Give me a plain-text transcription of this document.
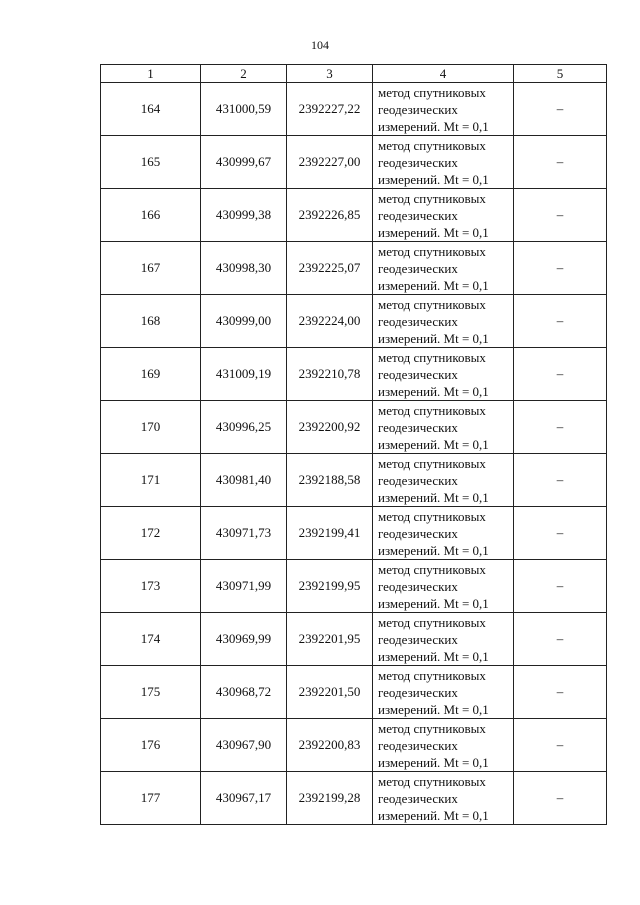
104
1	2	3	4	5
164	431000,59	2392227,22	метод спутниковых
геодезических
измерений. Mt = 0,1	–
165	430999,67	2392227,00	метод спутниковых
геодезических
измерений. Mt = 0,1	–
166	430999,38	2392226,85	метод спутниковых
геодезических
измерений. Mt = 0,1	–
167	430998,30	2392225,07	метод спутниковых
геодезических
измерений. Mt = 0,1	–
168	430999,00	2392224,00	метод спутниковых
геодезических
измерений. Mt = 0,1	–
169	431009,19	2392210,78	метод спутниковых
геодезических
измерений. Mt = 0,1	–
170	430996,25	2392200,92	метод спутниковых
геодезических
измерений. Mt = 0,1	–
171	430981,40	2392188,58	метод спутниковых
геодезических
измерений. Mt = 0,1	–
172	430971,73	2392199,41	метод спутниковых
геодезических
измерений. Mt = 0,1	–
173	430971,99	2392199,95	метод спутниковых
геодезических
измерений. Mt = 0,1	–
174	430969,99	2392201,95	метод спутниковых
геодезических
измерений. Mt = 0,1	–
175	430968,72	2392201,50	метод спутниковых
геодезических
измерений. Mt = 0,1	–
176	430967,90	2392200,83	метод спутниковых
геодезических
измерений. Mt = 0,1	–
177	430967,17	2392199,28	метод спутниковых
геодезических
измерений. Mt = 0,1	–
